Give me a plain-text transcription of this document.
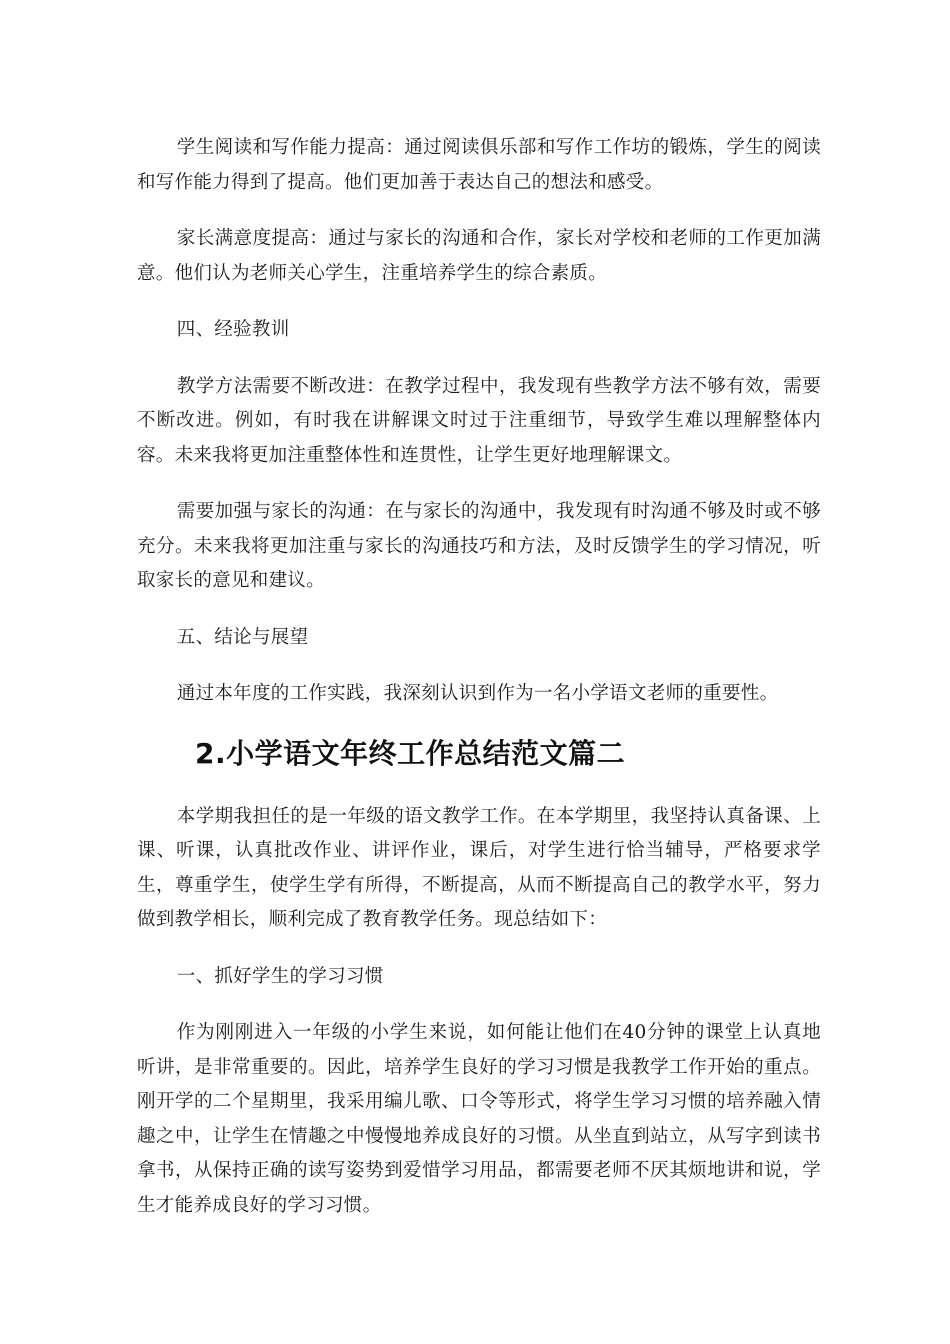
学生阅读和写作能力提高：通过阅读俱乐部和写作工作坊的锻炼，学生的阅读和写作能力得到了提高。他们更加善于表达自己的想法和感受。

家长满意度提高：通过与家长的沟通和合作，家长对学校和老师的工作更加满意。他们认为老师关心学生，注重培养学生的综合素质。

四、经验教训

教学方法需要不断改进：在教学过程中，我发现有些教学方法不够有效，需要不断改进。例如，有时我在讲解课文时过于注重细节，导致学生难以理解整体内容。未来我将更加注重整体性和连贯性，让学生更好地理解课文。

需要加强与家长的沟通：在与家长的沟通中，我发现有时沟通不够及时或不够充分。未来我将更加注重与家长的沟通技巧和方法，及时反馈学生的学习情况，听取家长的意见和建议。

五、结论与展望

通过本年度的工作实践，我深刻认识到作为一名小学语文老师的重要性。

2.小学语文年终工作总结范文篇二

本学期我担任的是一年级的语文教学工作。在本学期里，我坚持认真备课、上课、听课，认真批改作业、讲评作业，课后，对学生进行恰当辅导，严格要求学生，尊重学生，使学生学有所得，不断提高，从而不断提高自己的教学水平，努力做到教学相长，顺利完成了教育教学任务。现总结如下：

一、抓好学生的学习习惯

作为刚刚进入一年级的小学生来说，如何能让他们在40分钟的课堂上认真地听讲，是非常重要的。因此，培养学生良好的学习习惯是我教学工作开始的重点。刚开学的二个星期里，我采用编儿歌、口令等形式，将学生学习习惯的培养融入情趣之中，让学生在情趣之中慢慢地养成良好的习惯。从坐直到站立，从写字到读书拿书，从保持正确的读写姿势到爱惜学习用品，都需要老师不厌其烦地讲和说，学生才能养成良好的学习习惯。
